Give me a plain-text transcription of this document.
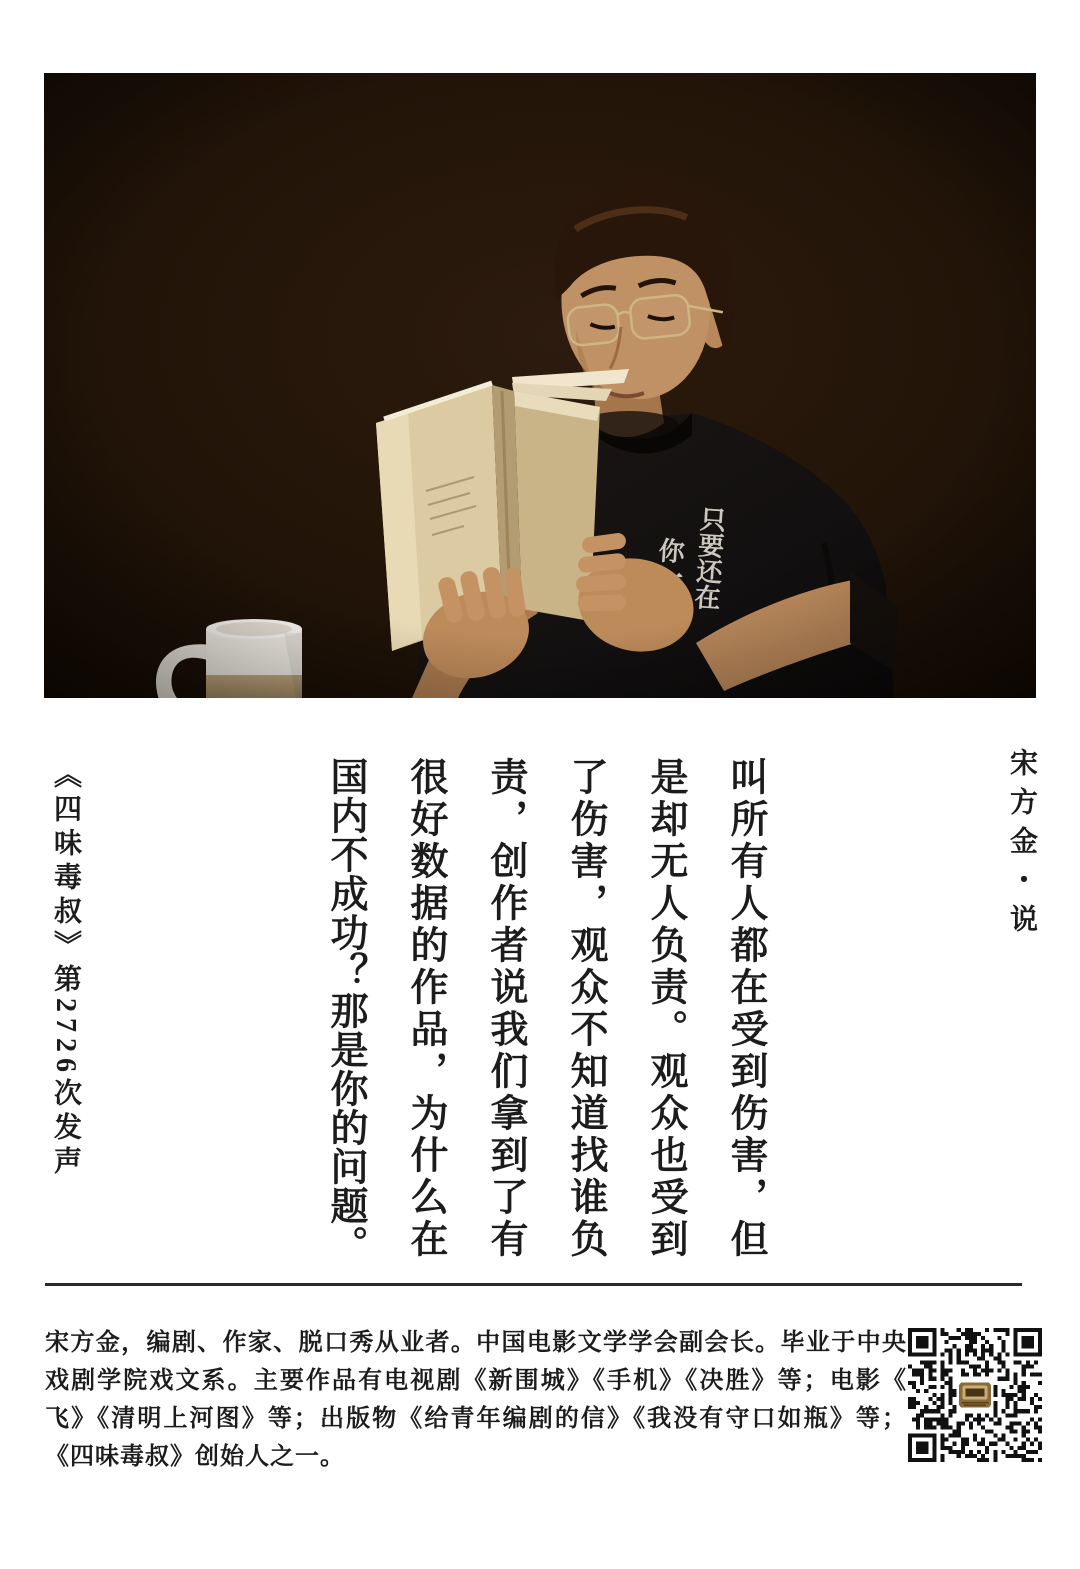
宋方金・说
叫所有人都在受到伤害，但
是却无人负责。观众也受到
了伤害，观众不知道找谁负
责，创作者说我们拿到了有
很好数据的作品，为什么在
国内不成功？那是你的问题。
《四味毒叔》第2726次发声
宋方金，编剧、作家、脱口秀从业者。中国电影文学学会副会长。毕业于中央
戏剧学院戏文系。主要作品有电视剧《新围城》《手机》《决胜》等；电影《
飞》《清明上河图》等；出版物《给青年编剧的信》《我没有守口如瓶》等；
《四味毒叔》创始人之一。
